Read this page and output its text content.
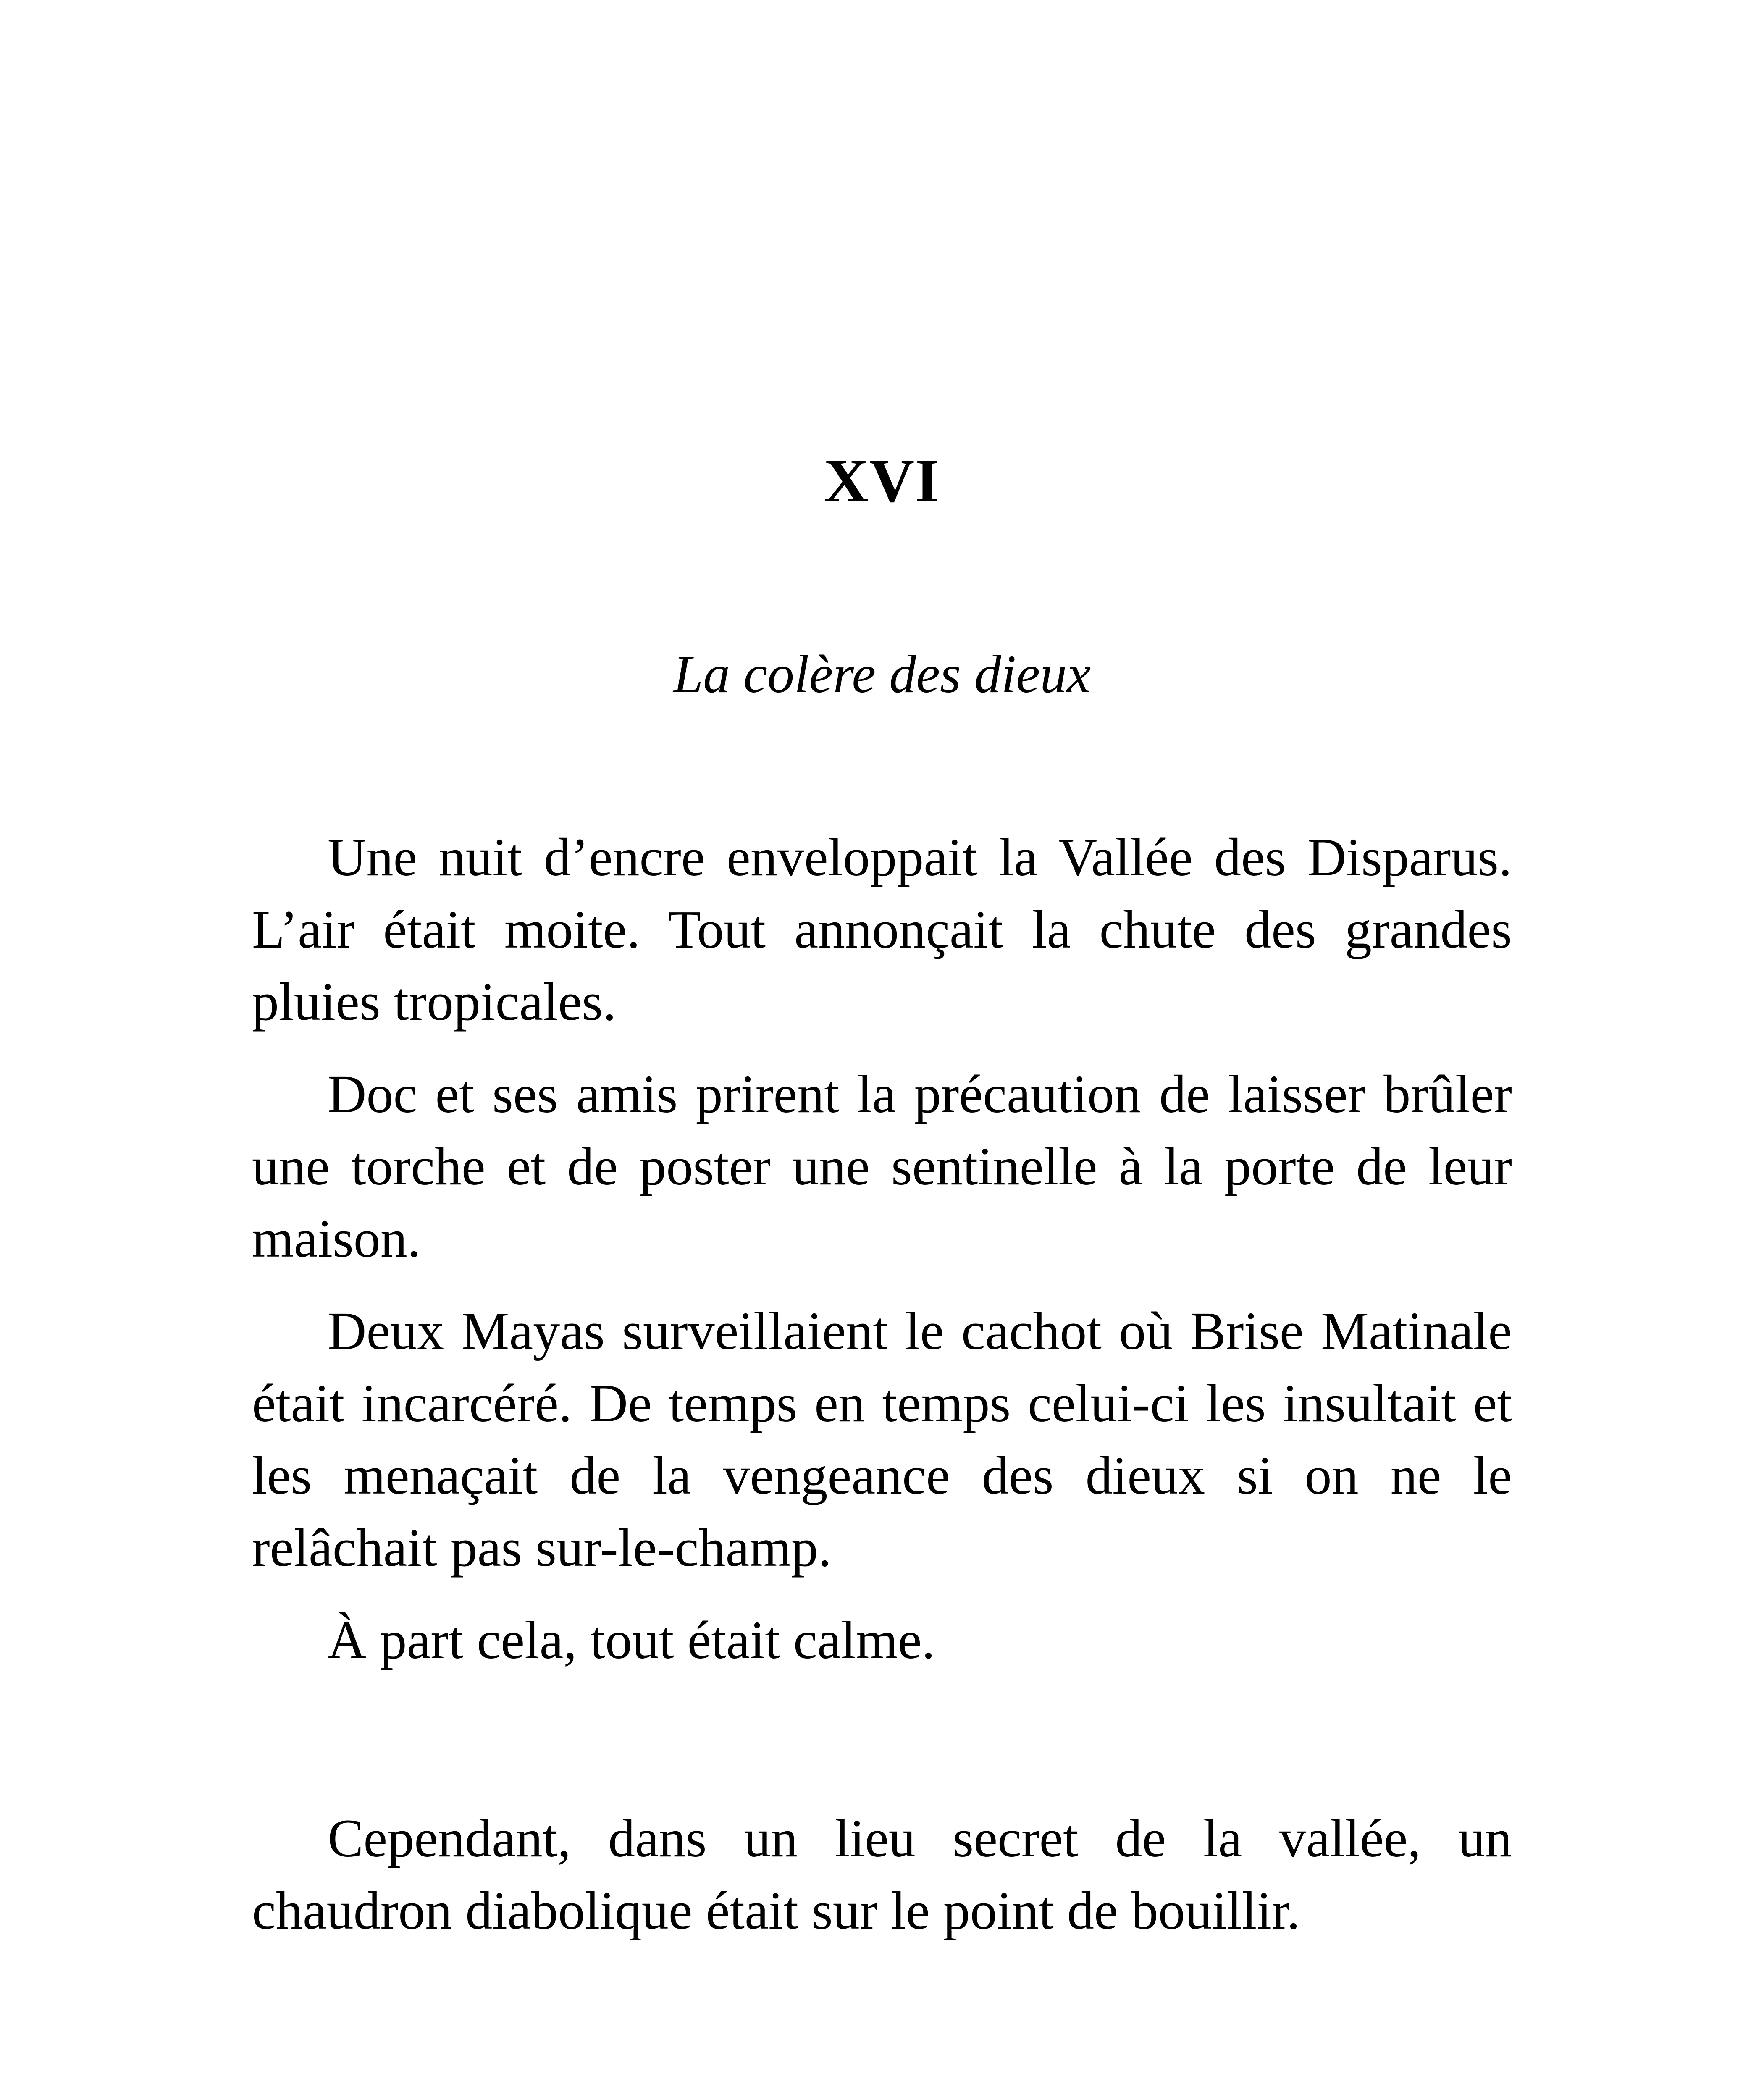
XVI
La colère des dieux

Une nuit d’encre enveloppait la Vallée des Disparus. L’air était moite. Tout annonçait la chute des grandes pluies tropicales.

Doc et ses amis prirent la précaution de laisser brûler une torche et de poster une sentinelle à la porte de leur maison.

Deux Mayas surveillaient le cachot où Brise Matinale était incarcéré. De temps en temps celui-ci les insultait et les menaçait de la vengeance des dieux si on ne le relâchait pas sur-le-champ.

À part cela, tout était calme.

Cependant, dans un lieu secret de la vallée, un chaudron diabolique était sur le point de bouillir.
